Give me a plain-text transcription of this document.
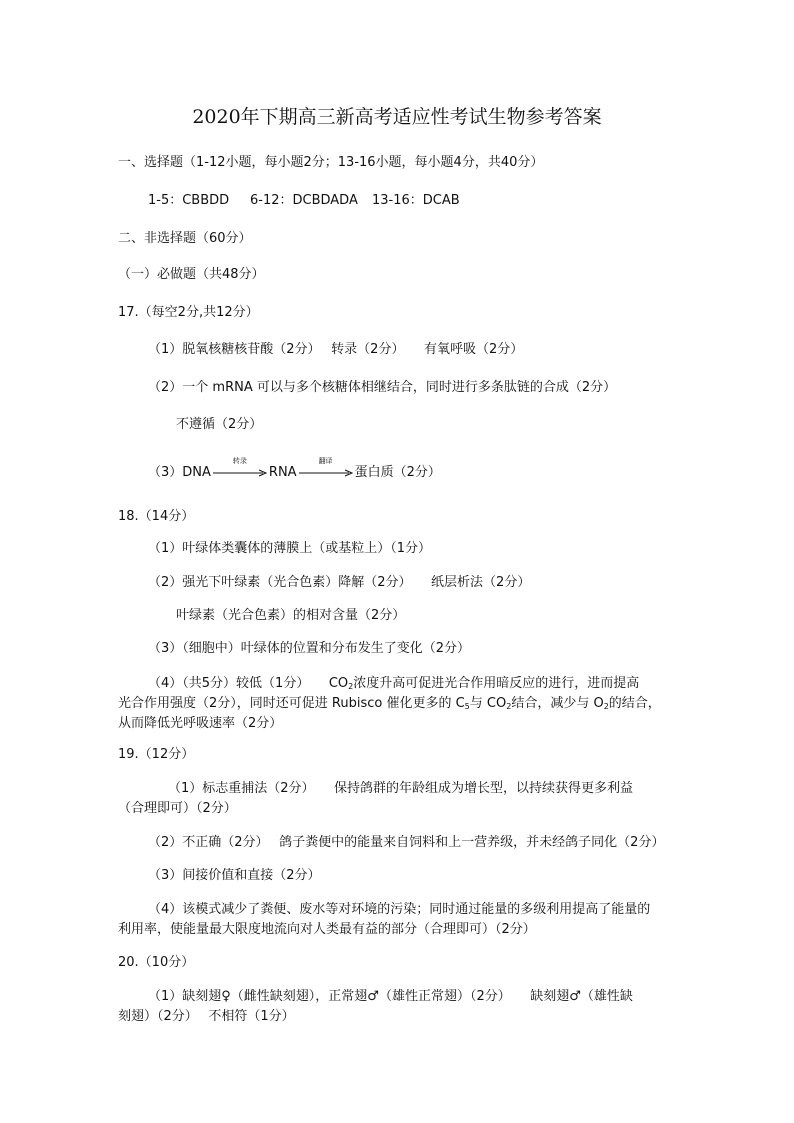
2020年下期高三新高考适应性考试生物参考答案
一、选择题（1-12小题，每小题2分；13-16小题，每小题4分，共40分）
1-5：CBBDD 6-12：DCBDADA 13-16：DCAB
二、非选择题（60分）
（一）必做题（共48分）
17.（每空2分,共12分）
（1）脱氧核糖核苷酸（2分）　 转录（2分）　　有氧呼吸（2分）
（2）一个 mRNA 可以与多个核糖体相继结合，同时进行多条肽链的合成（2分）
不遵循（2分）
（3）DNA
转录
RNA
翻译
蛋白质（2分）
18.（14分）
（1）叶绿体类囊体的薄膜上（或基粒上）（1分）
（2）强光下叶绿素（光合色素）降解（2分）　　纸层析法（2分）
叶绿素（光合色素）的相对含量（2分）
（3）（细胞中）叶绿体的位置和分布发生了变化（2分）
（4）（共5分）较低（1分）　　$CO_2$浓度升高可促进光合作用暗反应的进行，进而提高
光合作用强度（2分），同时还可促进 Rubisco 催化更多的 $C_5$与 $CO_2$结合，减少与 $O_2$的结合，
从而降低光呼吸速率（2分）
19.（12分）
（1）标志重捕法（2分）　　保持鸽群的年龄组成为增长型，以持续获得更多利益
（合理即可）（2分）
（2）不正确（2分）　 鸽子粪便中的能量来自饲料和上一营养级，并未经鸽子同化（2分）
（3）间接价值和直接（2分）
（4）该模式减少了粪便、废水等对环境的污染；同时通过能量的多级利用提高了能量的
利用率，使能量最大限度地流向对人类最有益的部分（合理即可）（2分）
20.（10分）
（1）缺刻翅♀（雌性缺刻翅），正常翅♂（雄性正常翅）（2分）　　缺刻翅♂（雄性缺
刻翅）（2分）　 不相符（1分）
